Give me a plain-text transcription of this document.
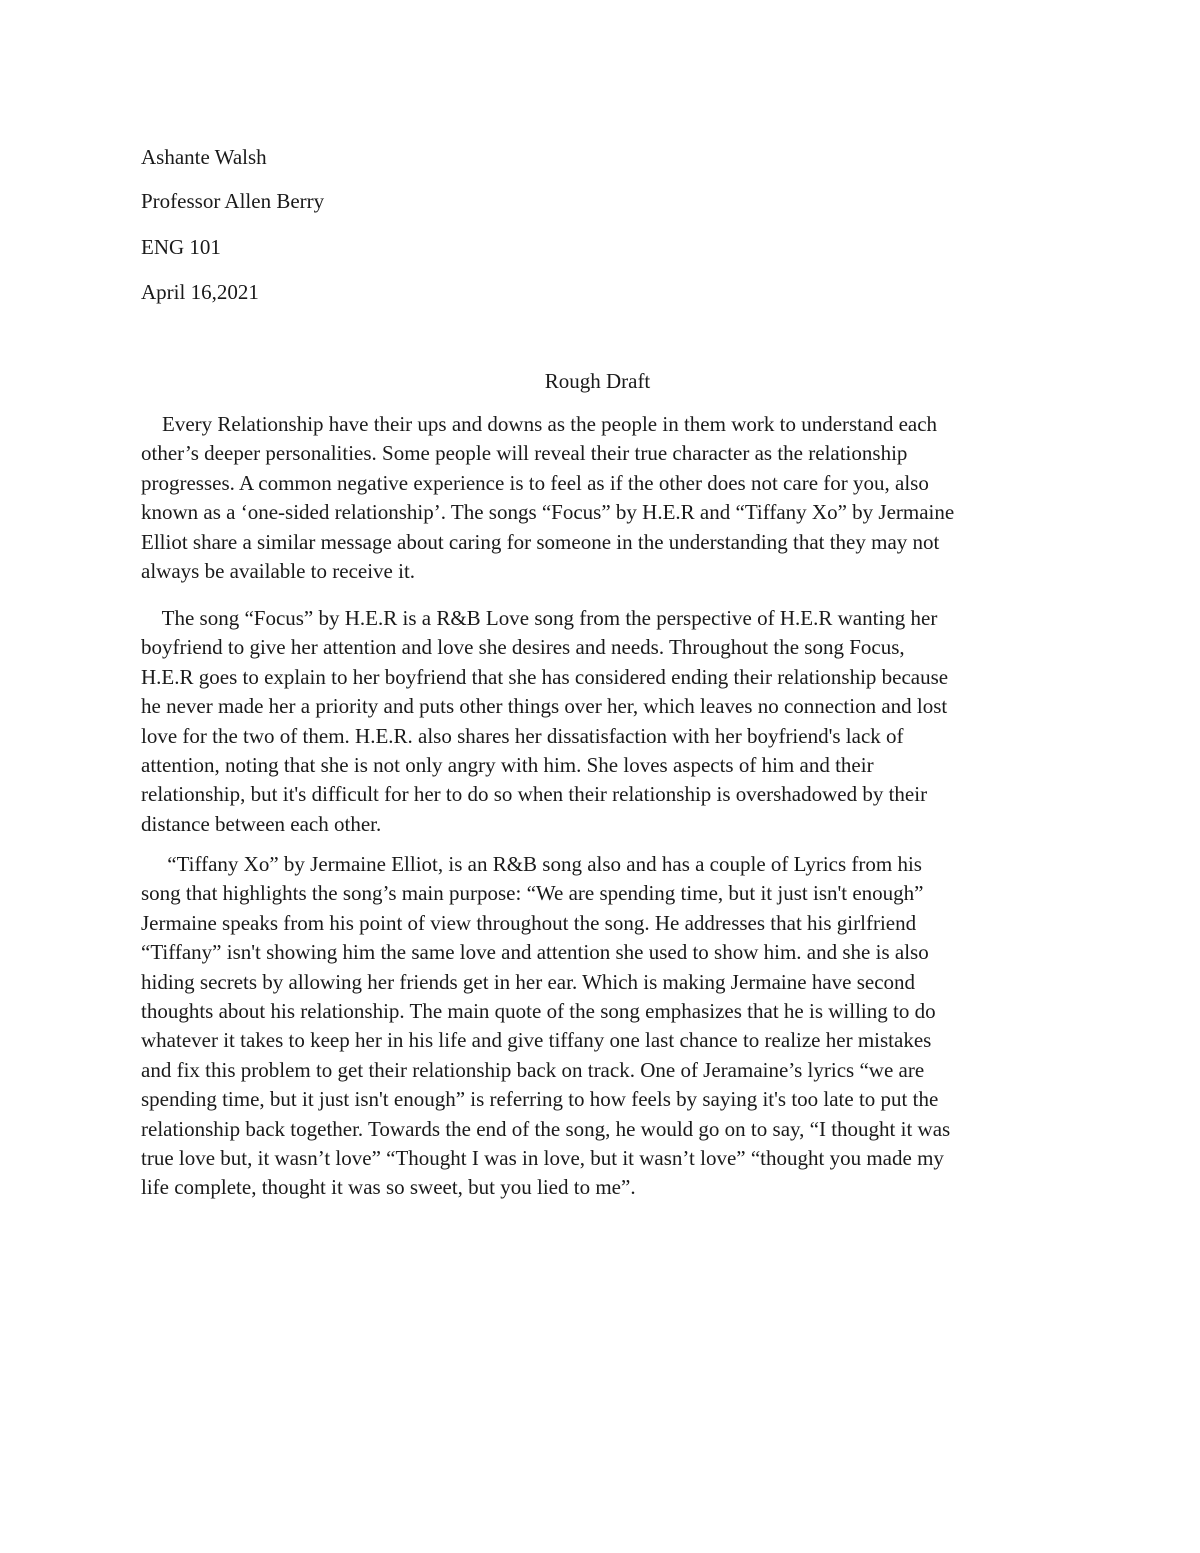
Ashante Walsh
Professor Allen Berry
ENG 101
April 16,2021
Rough Draft
Every Relationship have their ups and downs as the people in them work to understand each
other’s deeper personalities. Some people will reveal their true character as the relationship
progresses. A common negative experience is to feel as if the other does not care for you, also
known as a ‘one-sided relationship’. The songs “Focus” by H.E.R and “Tiffany Xo” by Jermaine
Elliot share a similar message about caring for someone in the understanding that they may not
always be available to receive it.
The song “Focus” by H.E.R is a R&B Love song from the perspective of H.E.R wanting her
boyfriend to give her attention and love she desires and needs. Throughout the song Focus,
H.E.R goes to explain to her boyfriend that she has considered ending their relationship because
he never made her a priority and puts other things over her, which leaves no connection and lost
love for the two of them. H.E.R. also shares her dissatisfaction with her boyfriend's lack of
attention, noting that she is not only angry with him. She loves aspects of him and their
relationship, but it's difficult for her to do so when their relationship is overshadowed by their
distance between each other.
“Tiffany Xo” by Jermaine Elliot, is an R&B song also and has a couple of Lyrics from his
song that highlights the song’s main purpose: “We are spending time, but it just isn't enough”
Jermaine speaks from his point of view throughout the song. He addresses that his girlfriend
“Tiffany” isn't showing him the same love and attention she used to show him. and she is also
hiding secrets by allowing her friends get in her ear. Which is making Jermaine have second
thoughts about his relationship. The main quote of the song emphasizes that he is willing to do
whatever it takes to keep her in his life and give tiffany one last chance to realize her mistakes
and fix this problem to get their relationship back on track. One of Jeramaine’s lyrics “we are
spending time, but it just isn't enough” is referring to how feels by saying it's too late to put the
relationship back together. Towards the end of the song, he would go on to say, “I thought it was
true love but, it wasn’t love” “Thought I was in love, but it wasn’t love” “thought you made my
life complete, thought it was so sweet, but you lied to me”.
